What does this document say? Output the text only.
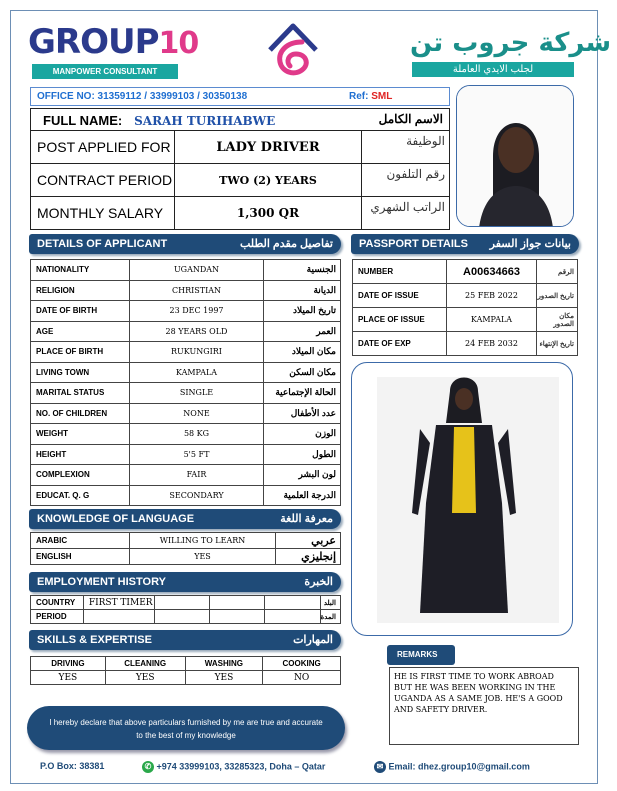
GROUP10
MANPOWER CONSULTANT
شركة جروب تن
لجلب الايدي العاملة
OFFICE NO: 31359112 / 33999103 / 30350138	Ref: SML
FULL NAME: SARAH TURIHABWE الاسم الكامل		

POST APPLIED FOR	LADY DRIVER	الوظيفة
CONTRACT PERIOD	TWO (2) YEARS	رقم التلفون
MONTHLY SALARY	1,300 QR	الراتب الشهري
DETAILS OF APPLICANT	تفاصيل مقدم الطلب
NATIONALITY	UGANDAN	الجنسية
RELIGION	CHRISTIAN	الديانة
DATE OF BIRTH	23 DEC 1997	تاريخ الميلاد
AGE	28 YEARS OLD	العمر
PLACE OF BIRTH	RUKUNGIRI	مكان الميلاد
LIVING TOWN	KAMPALA	مكان السكن
MARITAL STATUS	SINGLE	الحالة الإجتماعية
NO. OF CHILDREN	NONE	عدد الأطفال
WEIGHT	58 KG	الوزن
HEIGHT	5'5 FT	الطول
COMPLEXION	FAIR	لون البشر
EDUCAT. Q. G	SECONDARY	الدرجة العلمية
PASSPORT DETAILS بيانات جواز السفر
NUMBER	A00634663	الرقم
DATE OF ISSUE	25 FEB 2022	تاريخ الصدور
PLACE OF ISSUE	KAMPALA	مكان الصدور
DATE OF EXP	24 FEB 2032	تاريخ الإنتهاء
KNOWLEDGE OF LANGUAGE	معرفة اللغة
ARABIC	WILLING TO LEARN	عربي
ENGLISH	YES	إنجليزي
EMPLOYMENT HISTORY	الخبرة
COUNTRY	FIRST TIMER				البلد
PERIOD					المدة
SKILLS & EXPERTISE	المهارات
DRIVING	CLEANING	WASHING	COOKING
YES	YES	YES	NO
REMARKS
HE IS FIRST TIME TO WORK ABROAD BUT HE WAS BEEN WORKING IN THE UGANDA AS A SAME JOB. HE'S A GOOD AND SAFETY DRIVER.
I hereby declare that above particulars furnished by me are true and accurate to the best of my knowledge
P.O Box: 38381	✆ +974 33999103, 33285323, Doha – Qatar	✉ Email: dhez.group10@gmail.com
